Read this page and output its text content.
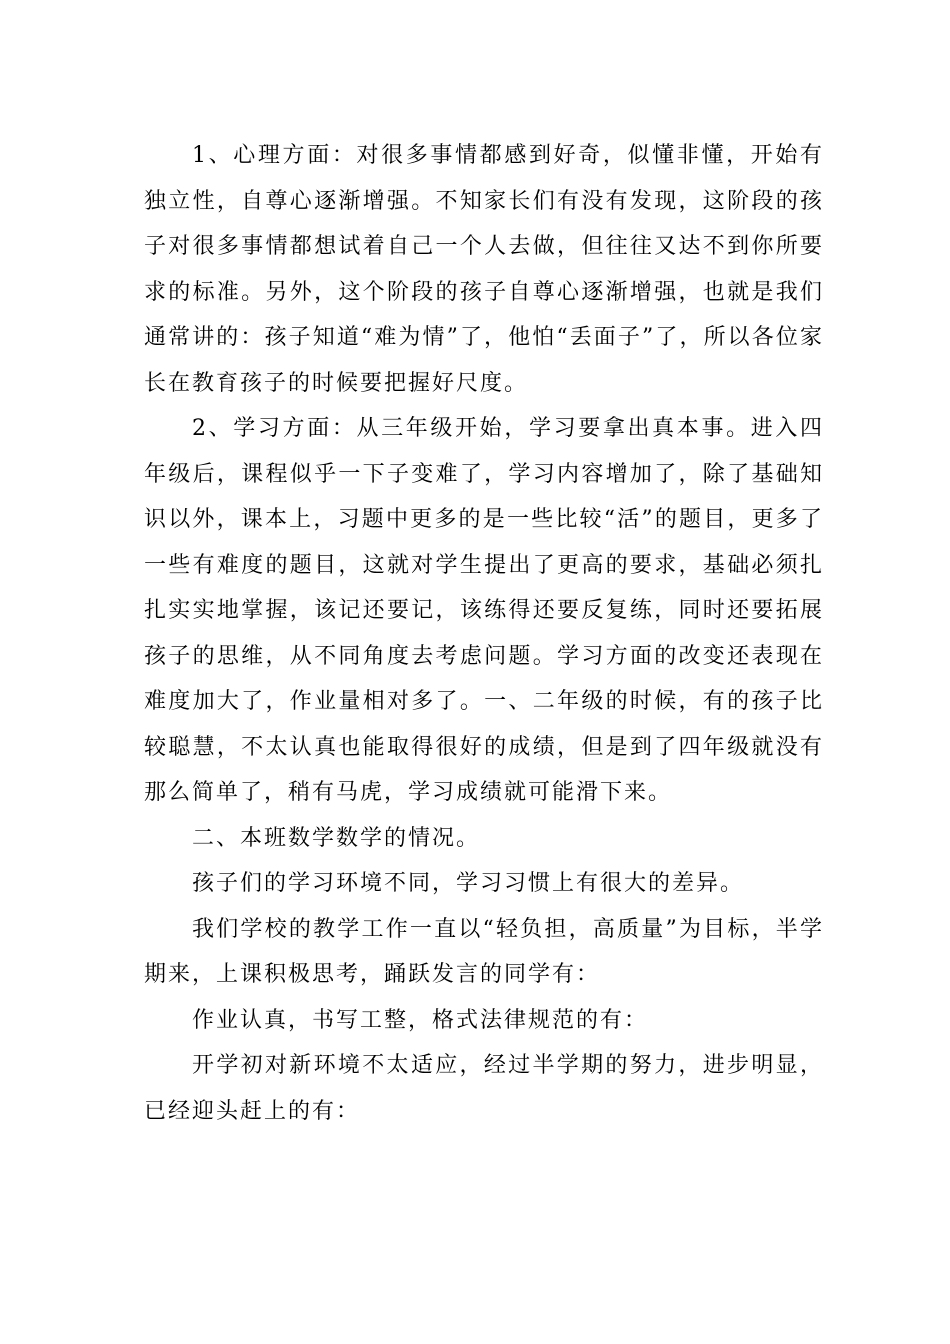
1、心理方面：对很多事情都感到好奇，似懂非懂，开始有独立性，自尊心逐渐增强。不知家长们有没有发现，这阶段的孩子对很多事情都想试着自己一个人去做，但往往又达不到你所要求的标准。另外，这个阶段的孩子自尊心逐渐增强，也就是我们通常讲的：孩子知道“难为情”了，他怕“丢面子”了，所以各位家长在教育孩子的时候要把握好尺度。

2、学习方面：从三年级开始，学习要拿出真本事。进入四年级后，课程似乎一下子变难了，学习内容增加了，除了基础知识以外，课本上，习题中更多的是一些比较“活”的题目，更多了一些有难度的题目，这就对学生提出了更高的要求，基础必须扎扎实实地掌握，该记还要记，该练得还要反复练，同时还要拓展孩子的思维，从不同角度去考虑问题。学习方面的改变还表现在难度加大了，作业量相对多了。一、二年级的时候，有的孩子比较聪慧，不太认真也能取得很好的成绩，但是到了四年级就没有那么简单了，稍有马虎，学习成绩就可能滑下来。

二、本班数学数学的情况。

孩子们的学习环境不同，学习习惯上有很大的差异。

我们学校的教学工作一直以“轻负担，高质量”为目标，半学期来，上课积极思考，踊跃发言的同学有：

作业认真，书写工整，格式法律规范的有：

开学初对新环境不太适应，经过半学期的努力，进步明显，已经迎头赶上的有：
